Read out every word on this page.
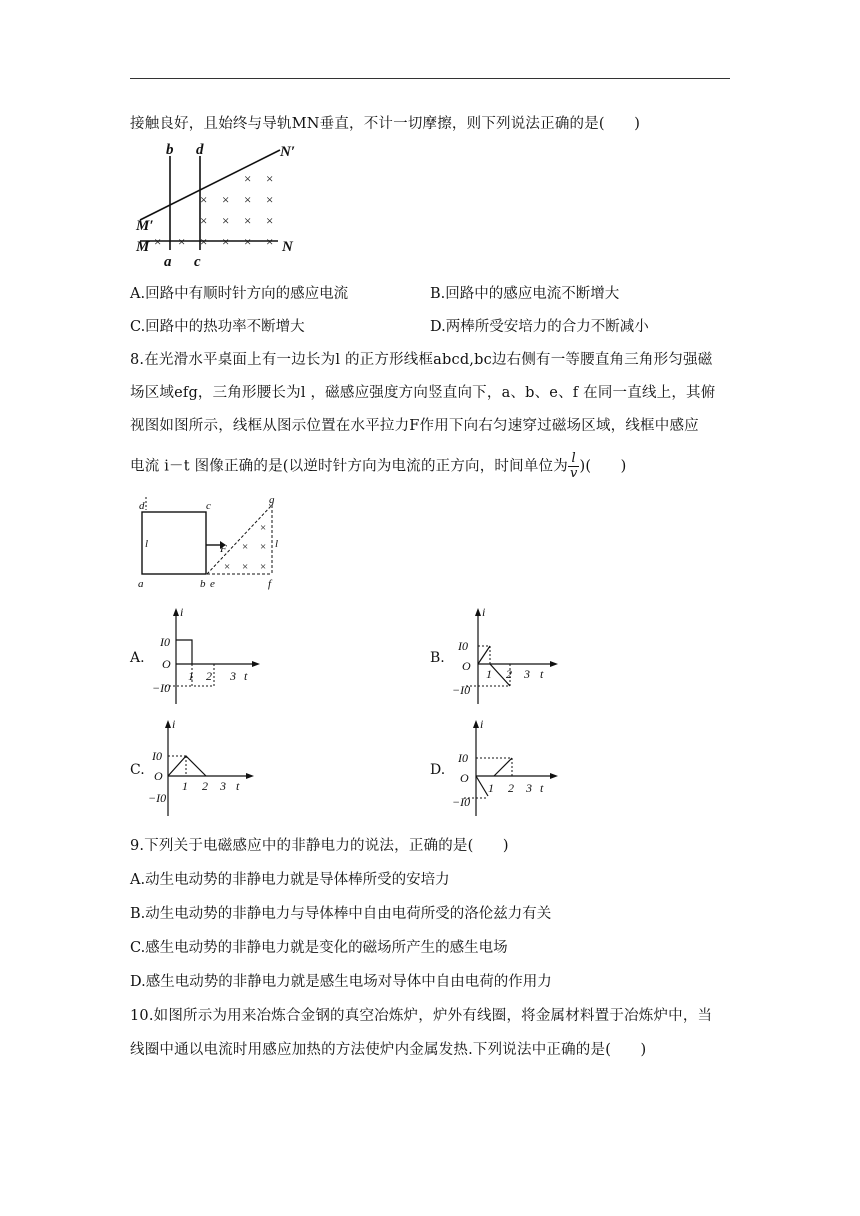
接触良好，且始终与导轨MN垂直，不计一切摩擦，则下列说法正确的是(　　)
× × × × × ×
× × × ×
× × × ×
× ×
b d	N′
M′
M	N
a c
A.回路中有顺时针方向的感应电流	B.回路中的感应电流不断增大
C.回路中的热功率不断增大	D.两棒所受安培力的合力不断减小
8.在光滑水平桌面上有一边长为l 的正方形线框abcd,bc边右侧有一等腰直角三角形匀强磁
场区域efg，三角形腰长为l ，磁感应强度方向竖直向下，a、b、e、f 在同一直线上，其俯
视图如图所示，线框从图示位置在水平拉力F作用下向右匀速穿过磁场区域，线框中感应
电流 i－t 图像正确的是(以逆时针方向为电流的正方向，时间单位为 $\frac{l}{v}$ )(　　)
×
× ×
× × ×
d	c	g
l	l
F
a	b e	f
A.
i
I0
O
−I0
1 2 3 t
B.
i
I0
O
−I0
1 2 3 t
C.
i
I0
O
−I0
1 2 3 t
D.
i
I0
O
−I0
1 2 3 t
9.下列关于电磁感应中的非静电力的说法，正确的是(　　)
A.动生电动势的非静电力就是导体棒所受的安培力
B.动生电动势的非静电力与导体棒中自由电荷所受的洛伦兹力有关
C.感生电动势的非静电力就是变化的磁场所产生的感生电场
D.感生电动势的非静电力就是感生电场对导体中自由电荷的作用力
10.如图所示为用来冶炼合金钢的真空冶炼炉，炉外有线圈，将金属材料置于冶炼炉中，当
线圈中通以电流时用感应加热的方法使炉内金属发热.下列说法中正确的是(　　)
